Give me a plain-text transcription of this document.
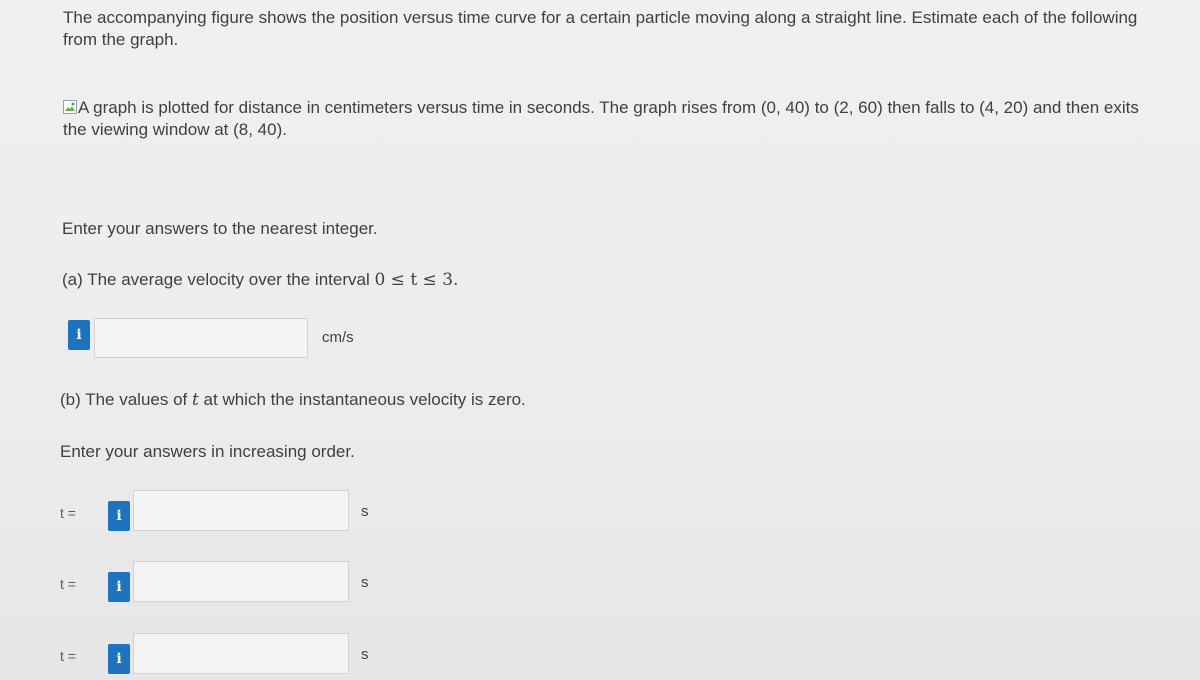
The accompanying figure shows the position versus time curve for a certain particle moving along a straight line. Estimate each of the following from the graph.
A graph is plotted for distance in centimeters versus time in seconds. The graph rises from (0, 40) to (2, 60) then falls to (4, 20) and then exits the viewing window at (8, 40).
Enter your answers to the nearest integer.
(a) The average velocity over the interval 0 ≤ t ≤ 3.
i	cm/s
(b) The values of t at which the instantaneous velocity is zero.
Enter your answers in increasing order.
t =	i	s
t =	i	s
t =	i	s
